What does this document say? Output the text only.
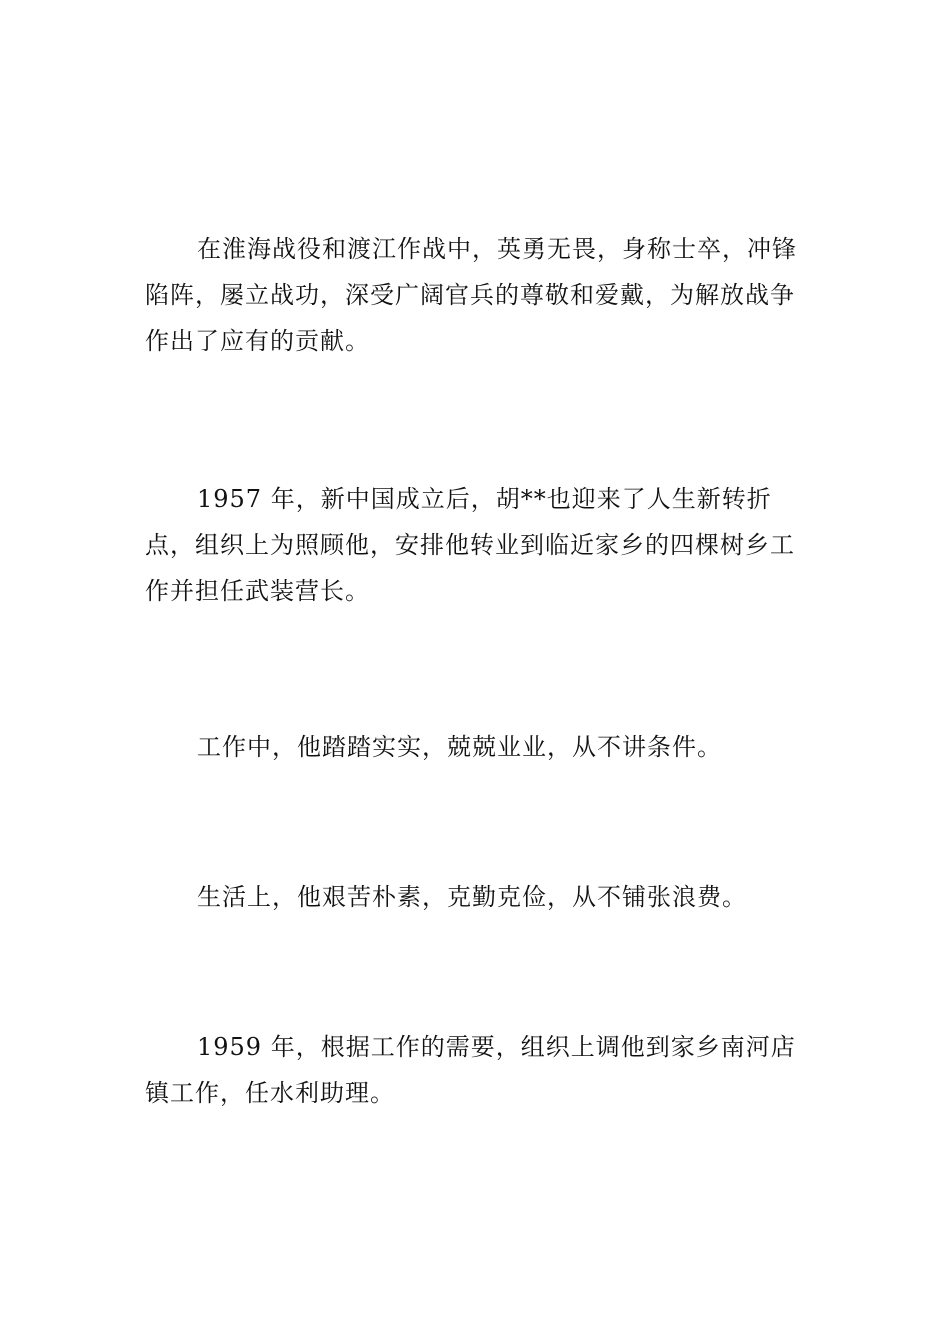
在淮海战役和渡江作战中，英勇无畏，身称士卒，冲锋陷阵，屡立战功，深受广阔官兵的尊敬和爱戴，为解放战争作出了应有的贡献。

1957 年，新中国成立后，胡**也迎来了人生新转折点，组织上为照顾他，安排他转业到临近家乡的四棵树乡工作并担任武装营长。

工作中，他踏踏实实，兢兢业业，从不讲条件。

生活上，他艰苦朴素，克勤克俭，从不铺张浪费。

1959 年，根据工作的需要，组织上调他到家乡南河店镇工作，任水利助理。
